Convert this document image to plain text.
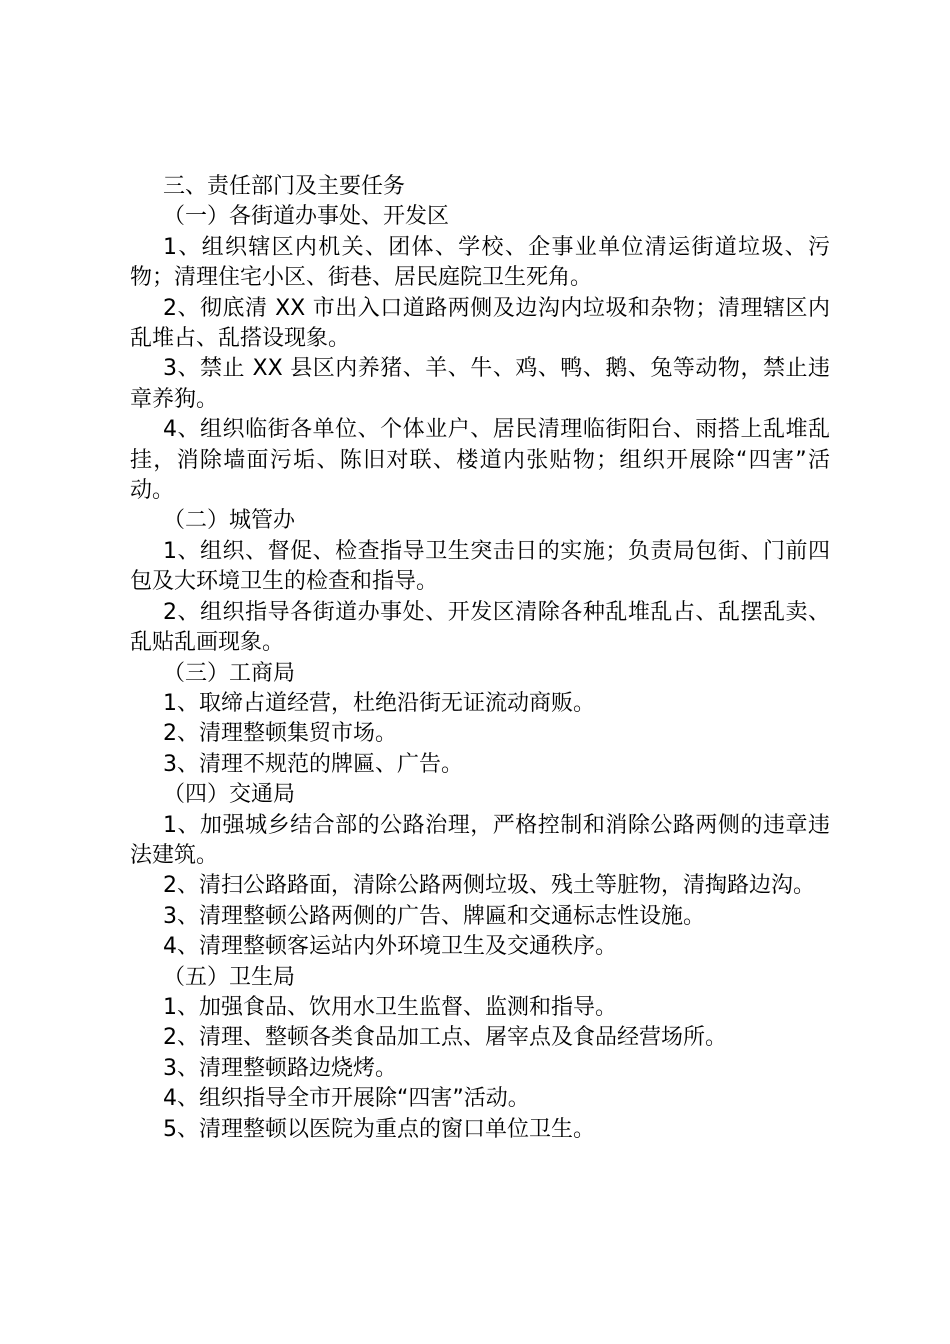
三、责任部门及主要任务

（一）各街道办事处、开发区

1、组织辖区内机关、团体、学校、企事业单位清运街道垃圾、污物；清理住宅小区、街巷、居民庭院卫生死角。

2、彻底清 XX 市出入口道路两侧及边沟内垃圾和杂物；清理辖区内乱堆占、乱搭设现象。

3、禁止 XX 县区内养猪、羊、牛、鸡、鸭、鹅、兔等动物，禁止违章养狗。

4、组织临街各单位、个体业户、居民清理临街阳台、雨搭上乱堆乱挂，消除墙面污垢、陈旧对联、楼道内张贴物；组织开展除“四害”活动。

（二）城管办

1、组织、督促、检查指导卫生突击日的实施；负责局包街、门前四包及大环境卫生的检查和指导。

2、组织指导各街道办事处、开发区清除各种乱堆乱占、乱摆乱卖、乱贴乱画现象。

（三）工商局

1、取缔占道经营，杜绝沿街无证流动商贩。

2、清理整顿集贸市场。

3、清理不规范的牌匾、广告。

（四）交通局

1、加强城乡结合部的公路治理，严格控制和消除公路两侧的违章违法建筑。

2、清扫公路路面，清除公路两侧垃圾、残土等脏物，清掏路边沟。

3、清理整顿公路两侧的广告、牌匾和交通标志性设施。

4、清理整顿客运站内外环境卫生及交通秩序。

（五）卫生局

1、加强食品、饮用水卫生监督、监测和指导。

2、清理、整顿各类食品加工点、屠宰点及食品经营场所。

3、清理整顿路边烧烤。

4、组织指导全市开展除“四害”活动。

5、清理整顿以医院为重点的窗口单位卫生。
